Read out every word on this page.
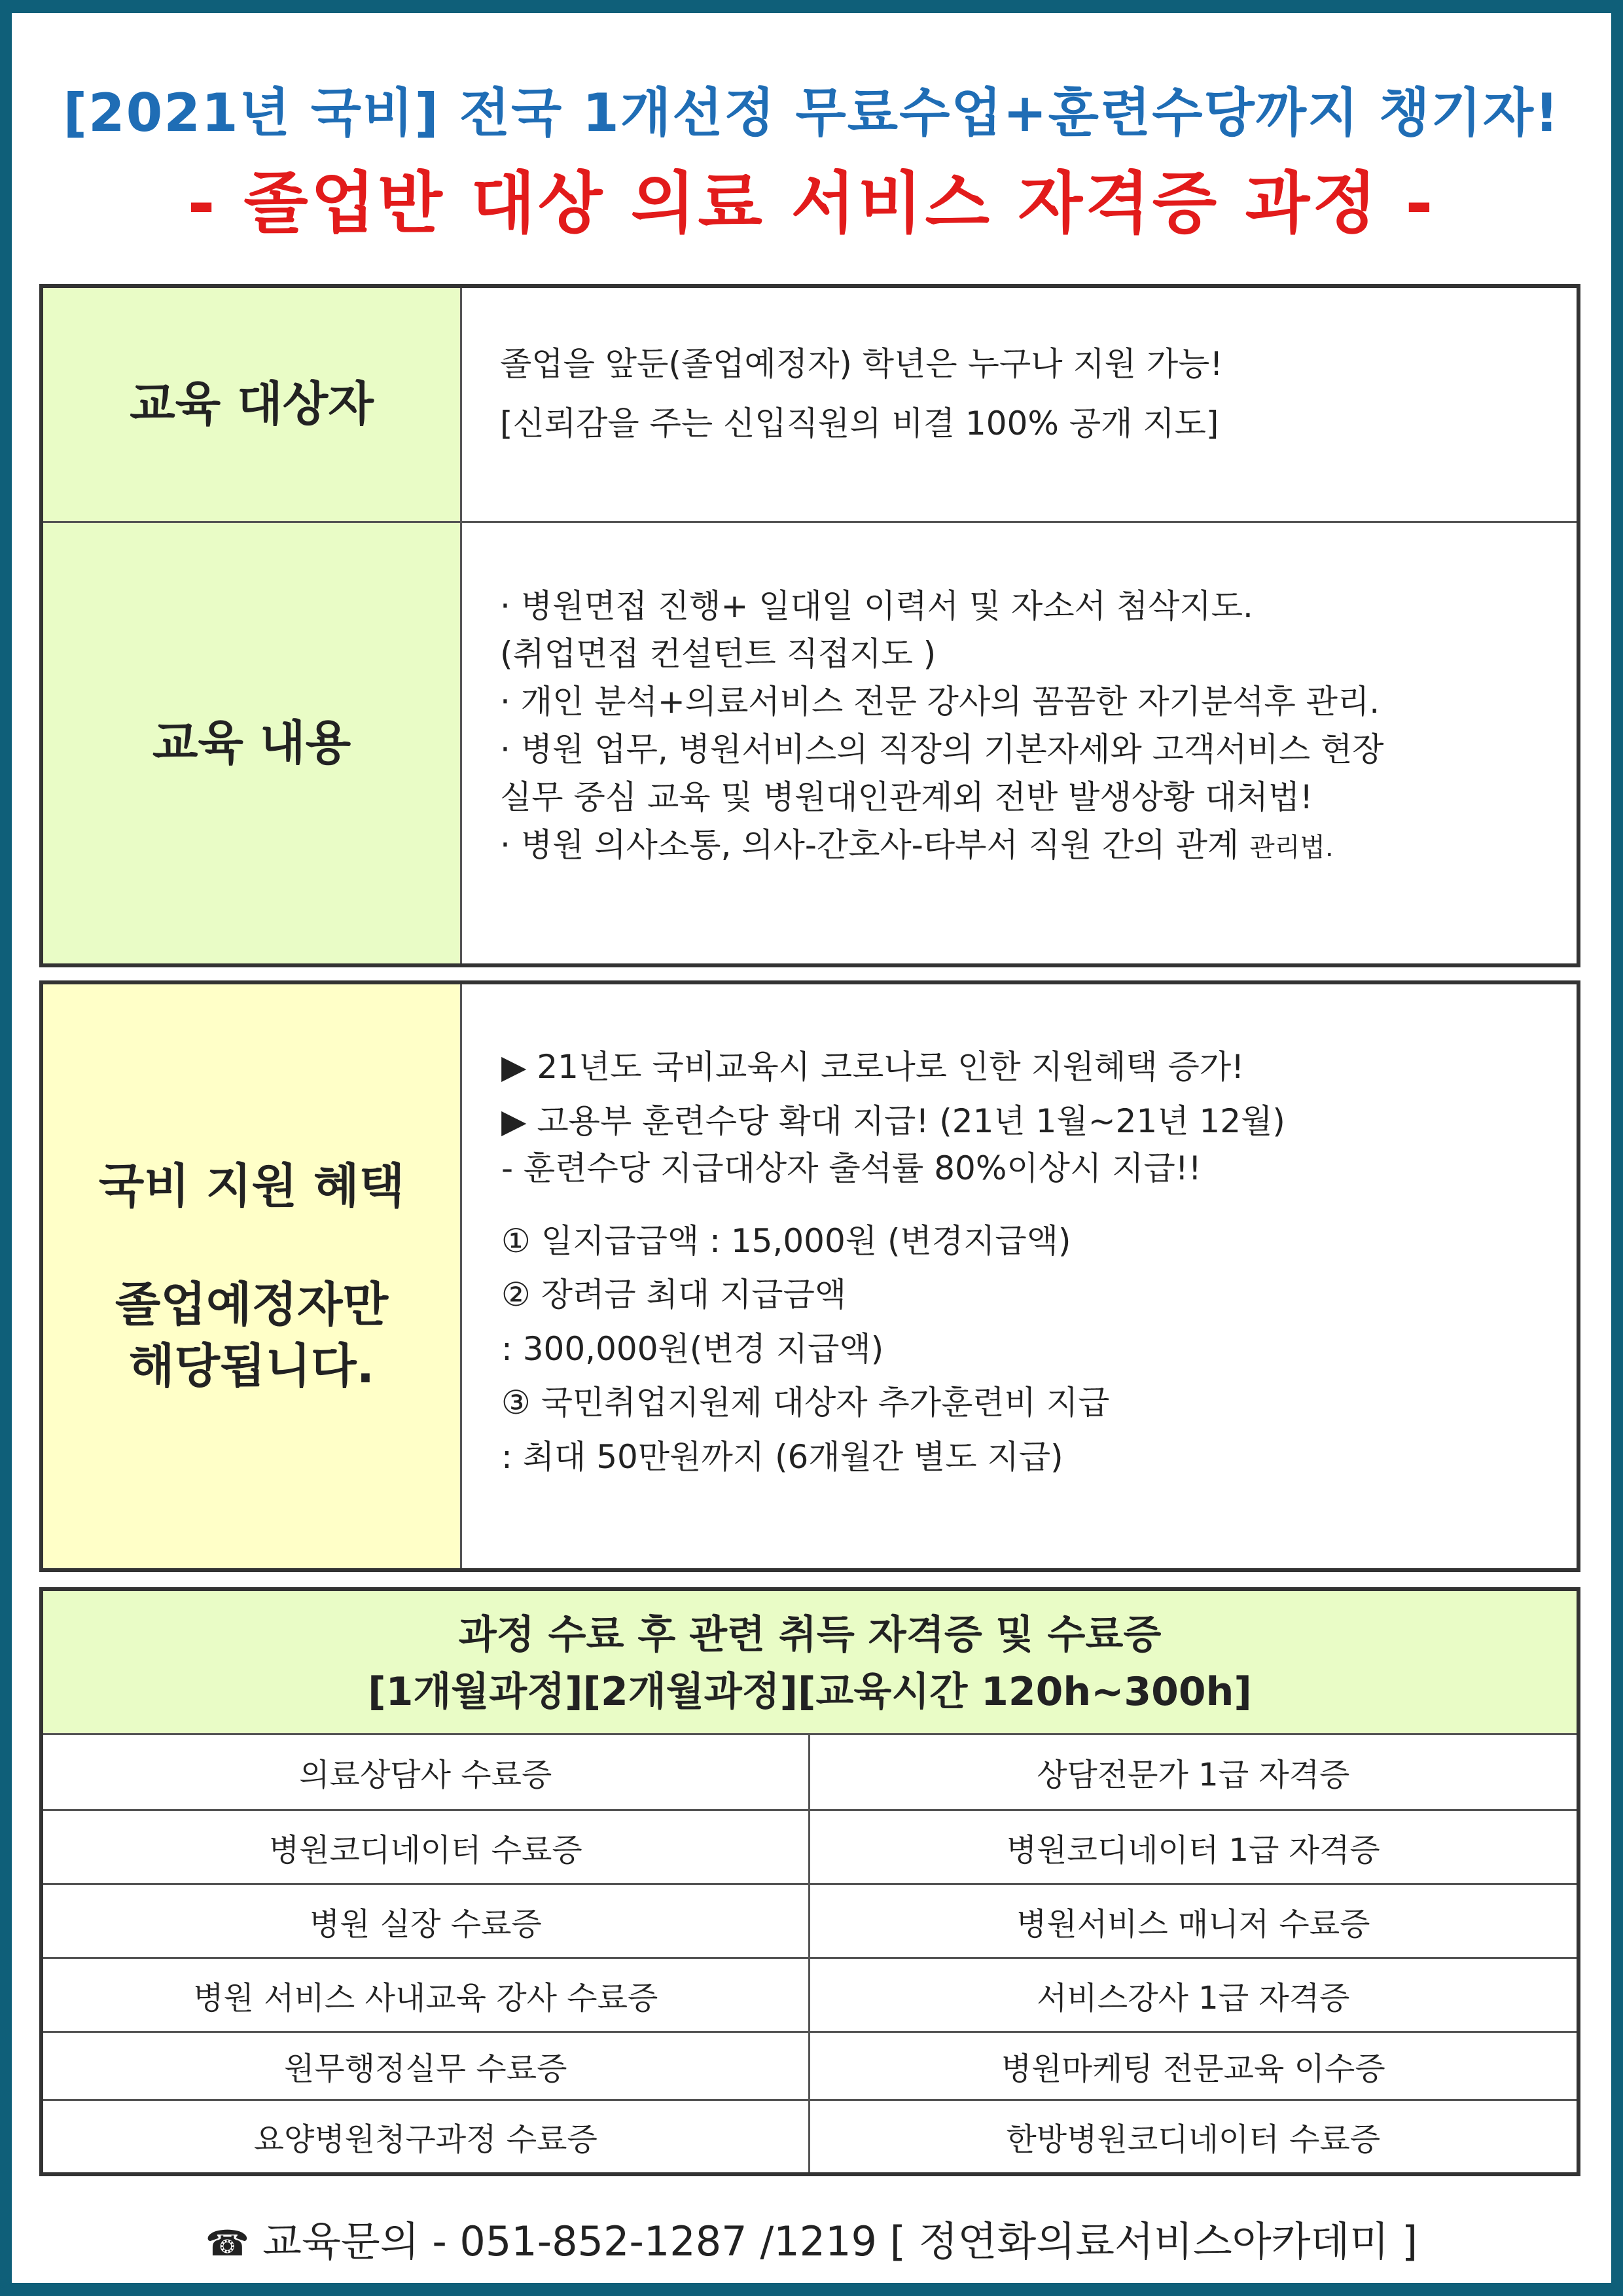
[2021년 국비] 전국 1개선정 무료수업+훈련수당까지 챙기자!
- 졸업반 대상 의료 서비스 자격증 과정 -
교육 대상자

졸업을 앞둔(졸업예정자) 학년은 누구나 지원 가능!

[신뢰감을 주는 신입직원의 비결 100% 공개 지도]

교육 내용

· 병원면접 진행+ 일대일 이력서 및 자소서 첨삭지도.

(취업면접 컨설턴트 직접지도 )

· 개인 분석+의료서비스 전문 강사의 꼼꼼한 자기분석후 관리.

· 병원 업무, 병원서비스의 직장의 기본자세와 고객서비스 현장

실무 중심 교육 및 병원대인관계외 전반 발생상황 대처법!

· 병원 의사소통, 의사-간호사-타부서 직원 간의 관계 관리법.

국비 지원 혜택
졸업예정자만
해당됩니다.

▶ 21년도 국비교육시 코로나로 인한 지원혜택 증가!

▶ 고용부 훈련수당 확대 지급! (21년 1월~21년 12월)

- 훈련수당 지급대상자 출석률 80%이상시 지급!!

① 일지급급액 : 15,000원 (변경지급액)

② 장려금 최대 지급금액

: 300,000원(변경 지급액)

③ 국민취업지원제 대상자 추가훈련비 지급

: 최대 50만원까지 (6개월간 별도 지급)

과정 수료 후 관련 취득 자격증 및 수료증
[1개월과정][2개월과정][교육시간 120h~300h]
의료상담사 수료증	상담전문가 1급 자격증
병원코디네이터 수료증	병원코디네이터 1급 자격증
병원 실장 수료증	병원서비스 매니저 수료증
병원 서비스 사내교육 강사 수료증	서비스강사 1급 자격증
원무행정실무 수료증	병원마케팅 전문교육 이수증
요양병원청구과정 수료증	한방병원코디네이터 수료증
☎ 교육문의 - 051-852-1287 /1219 [ 정연화의료서비스아카데미 ]
